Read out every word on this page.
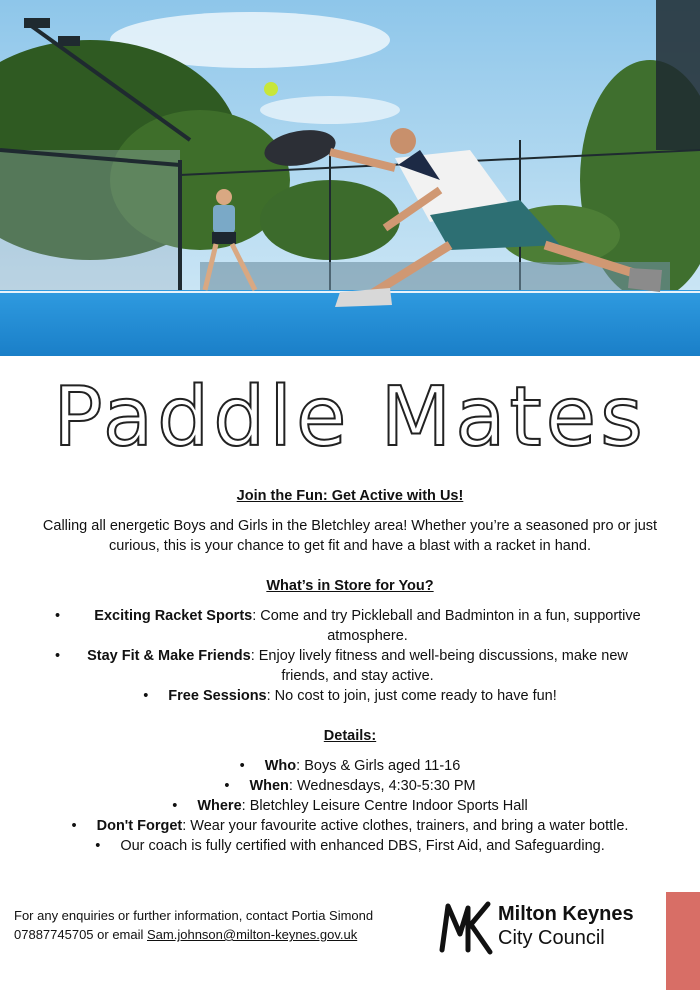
Paddle Mates
Join the Fun: Get Active with Us!
Calling all energetic Boys and Girls in the Bletchley area! Whether you’re a seasoned pro or just curious, this is your chance to get fit and have a blast with a racket in hand.
What’s in Store for You?
• Exciting Racket Sports: Come and try Pickleball and Badminton in a fun, supportive atmosphere.
• Stay Fit & Make Friends: Enjoy lively fitness and well-being discussions, make new friends, and stay active.
• Free Sessions: No cost to join, just come ready to have fun!
Details:
• Who: Boys & Girls aged 11-16
• When: Wednesdays, 4:30-5:30 PM
• Where: Bletchley Leisure Centre Indoor Sports Hall
• Don't Forget: Wear your favourite active clothes, trainers, and bring a water bottle.
• Our coach is fully certified with enhanced DBS, First Aid, and Safeguarding.
For any enquiries or further information, contact Portia Simond
07887745705 or email Sam.johnson@milton-keynes.gov.uk
Milton Keynes
City Council
